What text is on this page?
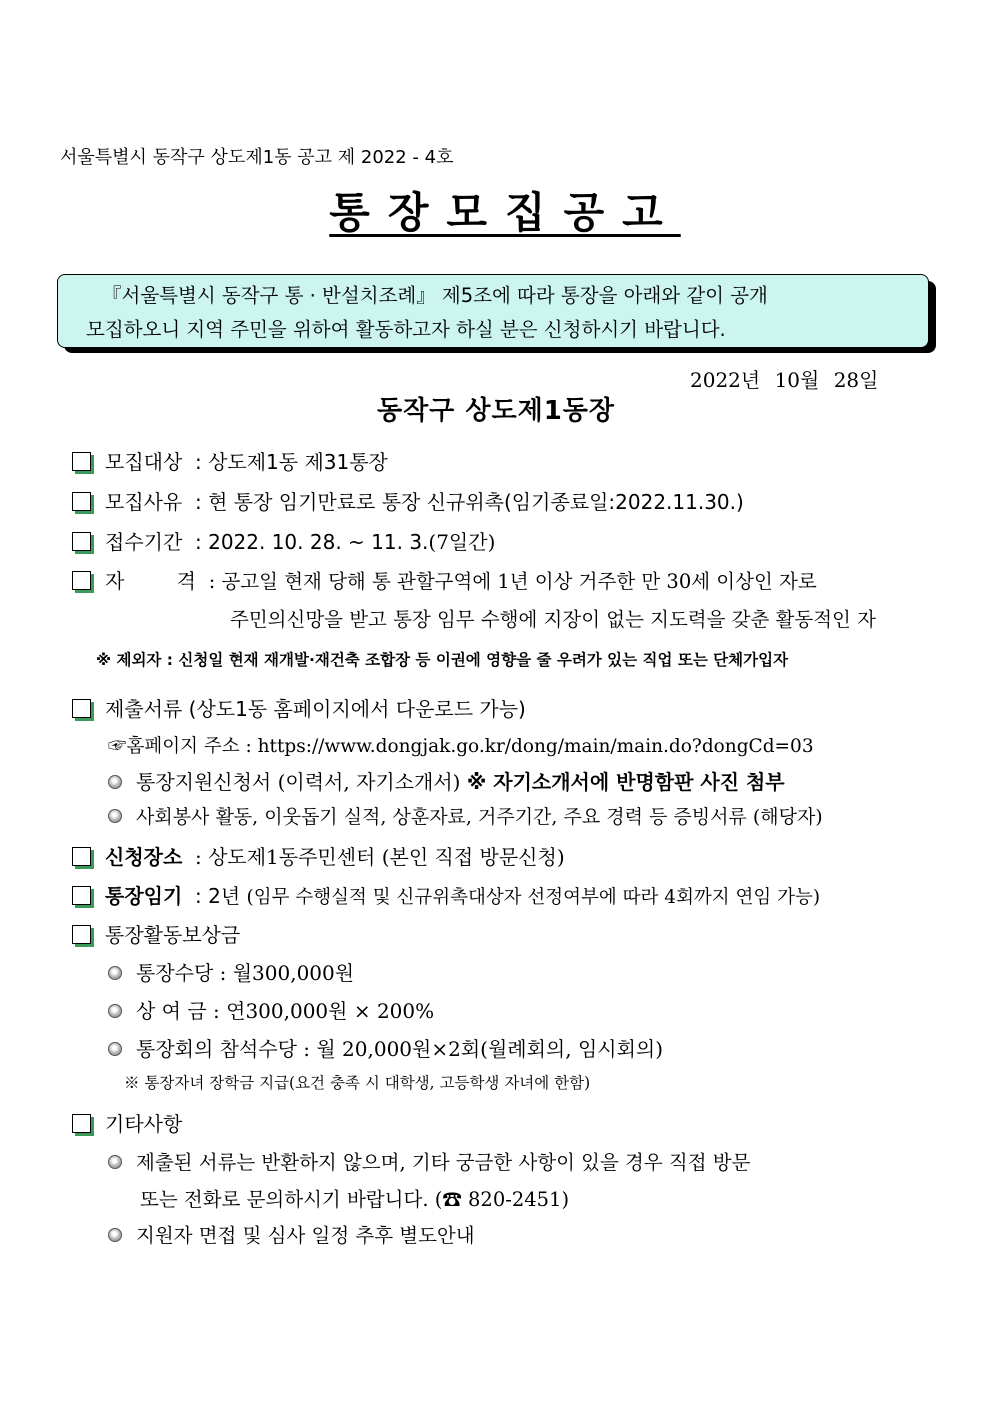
서울특별시 동작구 상도제1동 공고 제 2022 - 4호
통장모집공고

『서울특별시 동작구 통 · 반설치조례』 제5조에 따라 통장을 아래와 같이 공개

모집하오니 지역 주민을 위하여 활동하고자 하실 분은 신청하시기 바랍니다.

2022년 10월 28일
동작구 상도제1동장
모집대상 : 상도제1동 제31통장
모집사유 : 현 통장 임기만료로 통장 신규위촉(임기종료일:2022.11.30.)
접수기간 : 2022. 10. 28. ~ 11. 3.(7일간)
자 격 : 공고일 현재 당해 통 관할구역에 1년 이상 거주한 만 30세 이상인 자로
주민의신망을 받고 통장 임무 수행에 지장이 없는 지도력을 갖춘 활동적인 자
※ 제외자 : 신청일 현재 재개발·재건축 조합장 등 이권에 영향을 줄 우려가 있는 직업 또는 단체가입자
제출서류 (상도1동 홈페이지에서 다운로드 가능)
☞홈페이지 주소 : https://www.dongjak.go.kr/dong/main/main.do?dongCd=03
통장지원신청서 (이력서, 자기소개서) ※ 자기소개서에 반명함판 사진 첨부
사회봉사 활동, 이웃돕기 실적, 상훈자료, 거주기간, 주요 경력 등 증빙서류 (해당자)
신청장소 : 상도제1동주민센터 (본인 직접 방문신청)
통장임기 : 2년 (임무 수행실적 및 신규위촉대상자 선정여부에 따라 4회까지 연임 가능)
통장활동보상금
통장수당 : 월300,000원
상 여 금 : 연300,000원 × 200%
통장회의 참석수당 : 월 20,000원×2회(월례회의, 임시회의)
※ 통장자녀 장학금 지급(요건 충족 시 대학생, 고등학생 자녀에 한함)
기타사항
제출된 서류는 반환하지 않으며, 기타 궁금한 사항이 있을 경우 직접 방문
또는 전화로 문의하시기 바랍니다. (☎ 820-2451)
지원자 면접 및 심사 일정 추후 별도안내
